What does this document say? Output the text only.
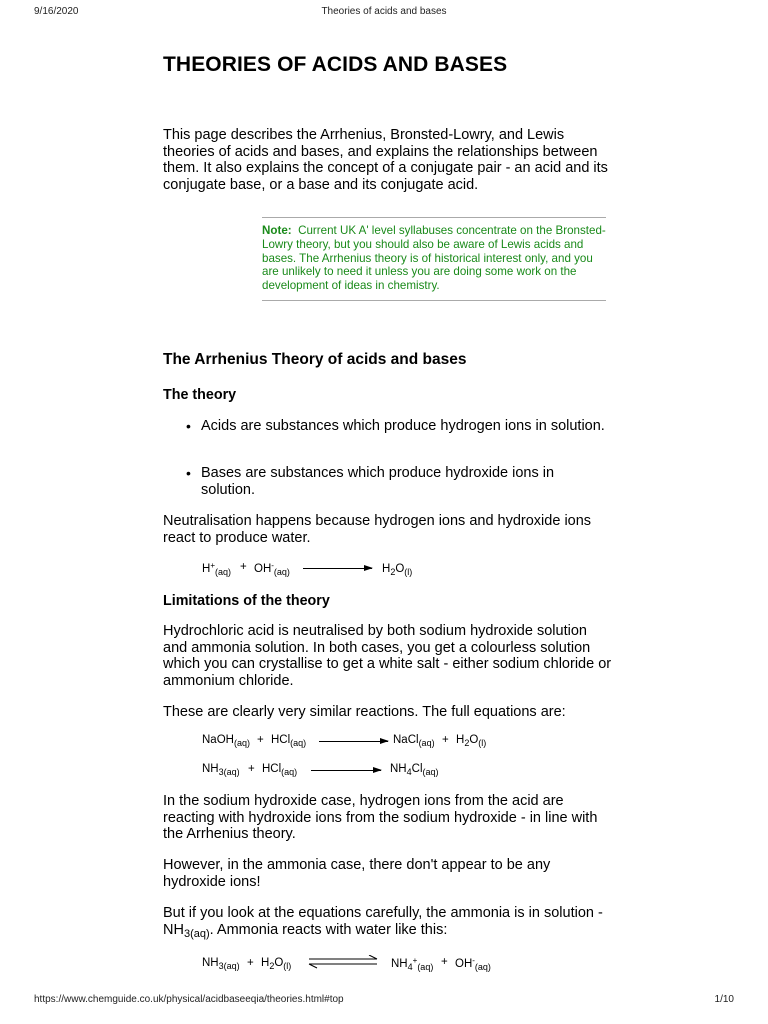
9/16/2020	Theories of acids and bases
THEORIES OF ACIDS AND BASES

This page describes the Arrhenius, Bronsted-Lowry, and Lewis theories of acids and bases, and explains the relationships between them. It also explains the concept of a conjugate pair - an acid and its conjugate base, or a base and its conjugate acid.

Note: Current UK A' level syllabuses concentrate on the Bronsted-Lowry theory, but you should also be aware of Lewis acids and bases. The Arrhenius theory is of historical interest only, and you are unlikely to need it unless you are doing some work on the development of ideas in chemistry.
The Arrhenius Theory of acids and bases
The theory

• Acids are substances which produce hydrogen ions in solution.

• Bases are substances which produce hydroxide ions in solution.

Neutralisation happens because hydrogen ions and hydroxide ions react to produce water.

$H^+_{(aq)} + OH^-_{(aq)}$	$H_2O_{(l)}$
Limitations of the theory

Hydrochloric acid is neutralised by both sodium hydroxide solution and ammonia solution. In both cases, you get a colourless solution which you can crystallise to get a white salt - either sodium chloride or ammonium chloride.

These are clearly very similar reactions. The full equations are:

NaOH$_{(aq)}$ + HCl$_{(aq)}$	NaCl$_{(aq)}$ + $H_2O_{(l)}$
$NH_{3(aq)} + HCl_{(aq)}$	$NH_4Cl_{(aq)}$

In the sodium hydroxide case, hydrogen ions from the acid are reacting with hydroxide ions from the sodium hydroxide - in line with the Arrhenius theory.

However, in the ammonia case, there don't appear to be any hydroxide ions!

But if you look at the equations carefully, the ammonia is in solution - $NH_{3(aq)}$. Ammonia reacts with water like this:

$NH_{3(aq)} + H_2O_{(l)}$	$NH_4^+_{(aq)} + OH^-_{(aq)}$
https://www.chemguide.co.uk/physical/acidbaseeqia/theories.html#top	1/10
